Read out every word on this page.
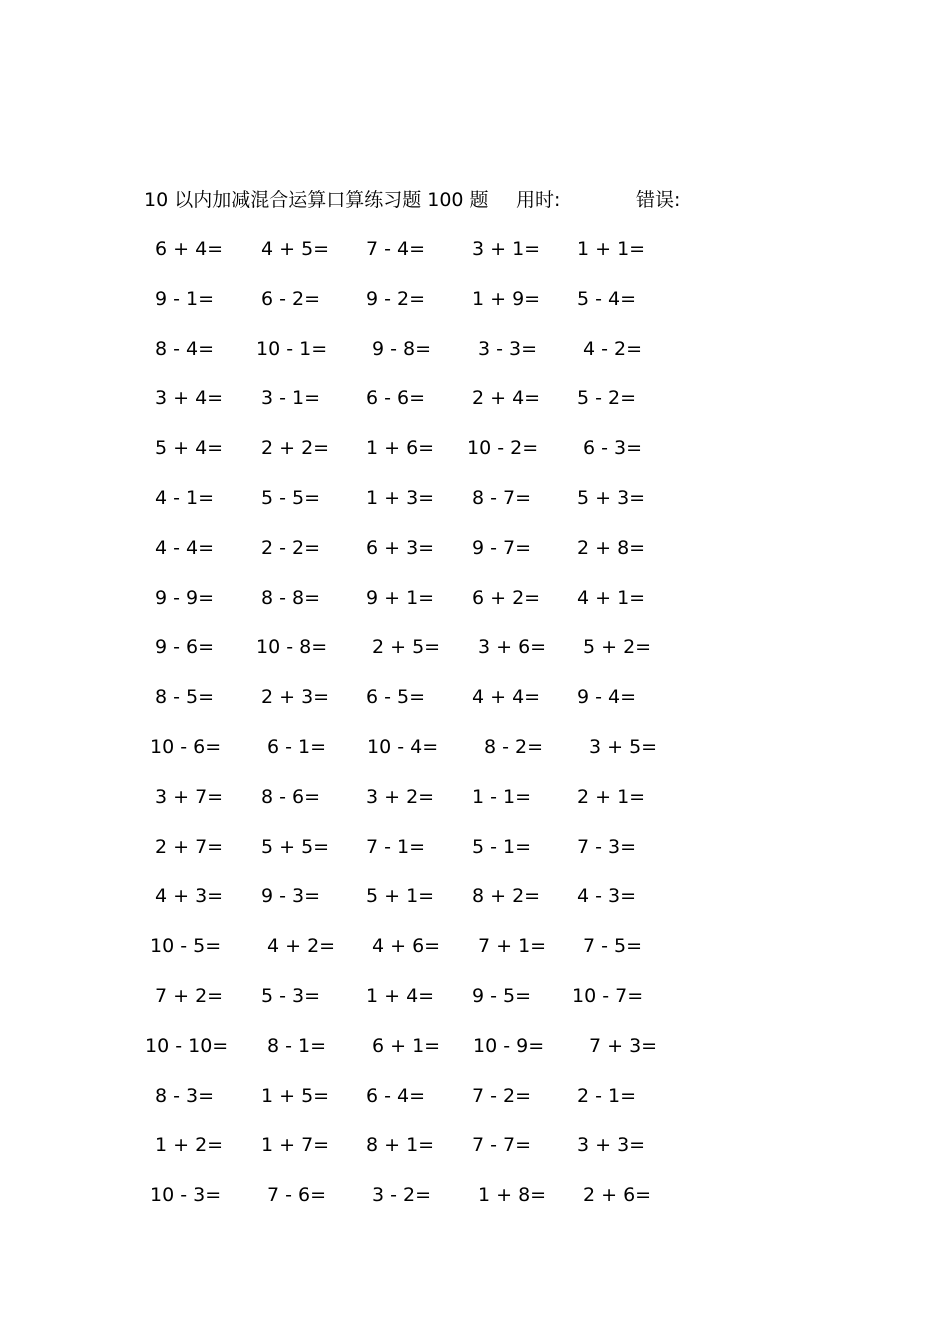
10 以内加减混合运算口算练习题 100 题 用时:	错误:
6 + 4= 4 + 5= 7 - 4= 3 + 1= 1 + 1=
9 - 1= 6 - 2= 9 - 2= 1 + 9= 5 - 4=
8 - 4= 10 - 1= 9 - 8= 3 - 3= 4 - 2=
3 + 4= 3 - 1= 6 - 6= 2 + 4= 5 - 2=
5 + 4= 2 + 2= 1 + 6= 10 - 2= 6 - 3=
4 - 1= 5 - 5= 1 + 3= 8 - 7= 5 + 3=
4 - 4= 2 - 2= 6 + 3= 9 - 7= 2 + 8=
9 - 9= 8 - 8= 9 + 1= 6 + 2= 4 + 1=
9 - 6= 10 - 8= 2 + 5= 3 + 6= 5 + 2=
8 - 5= 2 + 3= 6 - 5= 4 + 4= 9 - 4=
10 - 6= 6 - 1= 10 - 4= 8 - 2= 3 + 5=
3 + 7= 8 - 6= 3 + 2= 1 - 1= 2 + 1=
2 + 7= 5 + 5= 7 - 1= 5 - 1= 7 - 3=
4 + 3= 9 - 3= 5 + 1= 8 + 2= 4 - 3=
10 - 5= 4 + 2= 4 + 6= 7 + 1= 7 - 5=
7 + 2= 5 - 3= 1 + 4= 9 - 5= 10 - 7=
10 - 10= 8 - 1= 6 + 1= 10 - 9= 7 + 3=
8 - 3= 1 + 5= 6 - 4= 7 - 2= 2 - 1=
1 + 2= 1 + 7= 8 + 1= 7 - 7= 3 + 3=
10 - 3= 7 - 6= 3 - 2= 1 + 8= 2 + 6=
